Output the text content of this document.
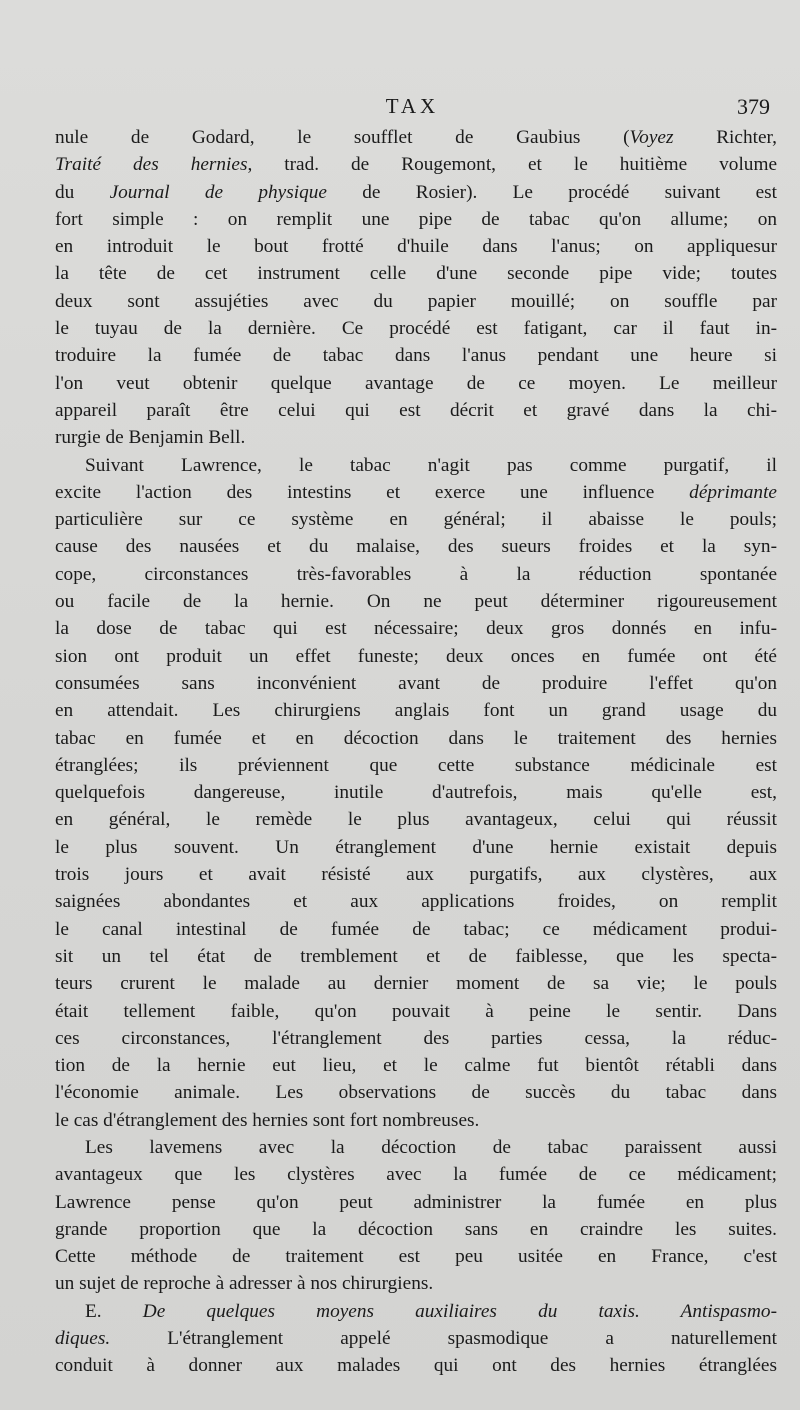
TAX	379

nule de Godard, le soufflet de Gaubius (Voyez Richter,
Traité des hernies, trad. de Rougemont, et le huitième volume
du Journal de physique de Rosier). Le procédé suivant est
fort simple : on remplit une pipe de tabac qu'on allume; on
en introduit le bout frotté d'huile dans l'anus; on appliquesur
la tête de cet instrument celle d'une seconde pipe vide; toutes
deux sont assujéties avec du papier mouillé; on souffle par
le tuyau de la dernière. Ce procédé est fatigant, car il faut in-
troduire la fumée de tabac dans l'anus pendant une heure si
l'on veut obtenir quelque avantage de ce moyen. Le meilleur
appareil paraît être celui qui est décrit et gravé dans la chi-
rurgie de Benjamin Bell.

Suivant Lawrence, le tabac n'agit pas comme purgatif, il
excite l'action des intestins et exerce une influence déprimante
particulière sur ce système en général; il abaisse le pouls;
cause des nausées et du malaise, des sueurs froides et la syn-
cope, circonstances très-favorables à la réduction spontanée
ou facile de la hernie. On ne peut déterminer rigoureusement
la dose de tabac qui est nécessaire; deux gros donnés en infu-
sion ont produit un effet funeste; deux onces en fumée ont été
consumées sans inconvénient avant de produire l'effet qu'on
en attendait. Les chirurgiens anglais font un grand usage du
tabac en fumée et en décoction dans le traitement des hernies
étranglées; ils préviennent que cette substance médicinale est
quelquefois dangereuse, inutile d'autrefois, mais qu'elle est,
en général, le remède le plus avantageux, celui qui réussit
le plus souvent. Un étranglement d'une hernie existait depuis
trois jours et avait résisté aux purgatifs, aux clystères, aux
saignées abondantes et aux applications froides, on remplit
le canal intestinal de fumée de tabac; ce médicament produi-
sit un tel état de tremblement et de faiblesse, que les specta-
teurs crurent le malade au dernier moment de sa vie; le pouls
était tellement faible, qu'on pouvait à peine le sentir. Dans
ces circonstances, l'étranglement des parties cessa, la réduc-
tion de la hernie eut lieu, et le calme fut bientôt rétabli dans
l'économie animale. Les observations de succès du tabac dans
le cas d'étranglement des hernies sont fort nombreuses.

Les lavemens avec la décoction de tabac paraissent aussi
avantageux que les clystères avec la fumée de ce médicament;
Lawrence pense qu'on peut administrer la fumée en plus
grande proportion que la décoction sans en craindre les suites.
Cette méthode de traitement est peu usitée en France, c'est
un sujet de reproche à adresser à nos chirurgiens.

E. De quelques moyens auxiliaires du taxis. Antispasmo-
diques. L'étranglement appelé spasmodique a naturellement
conduit à donner aux malades qui ont des hernies étranglées
